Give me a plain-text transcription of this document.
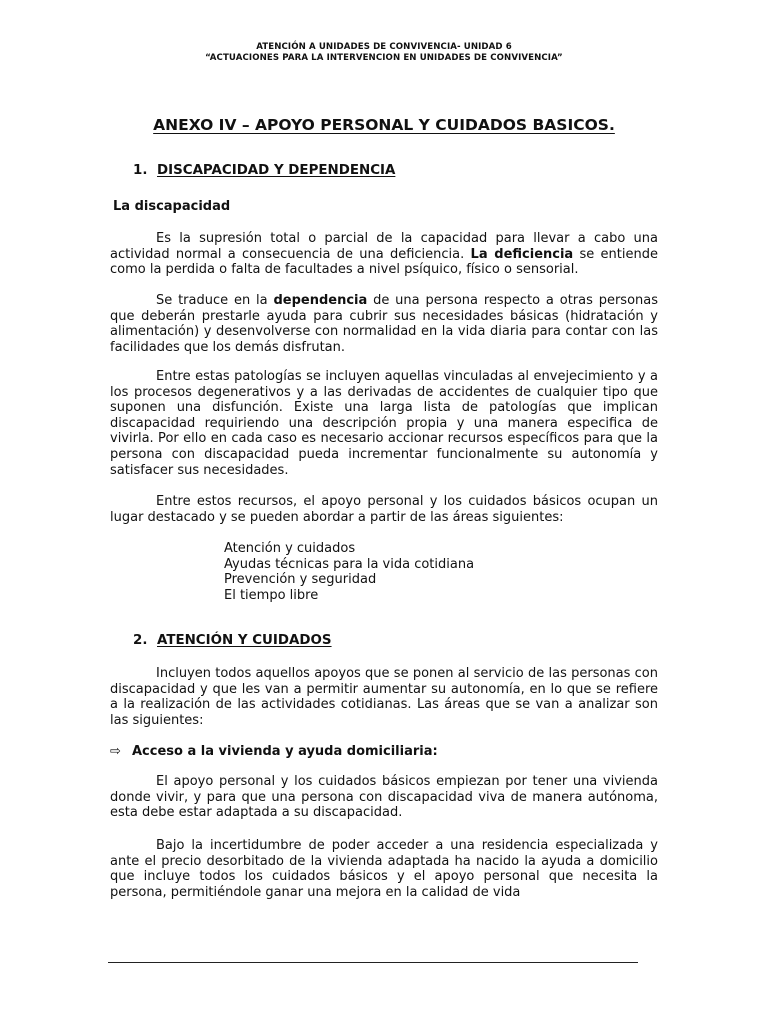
ATENCIÓN A UNIDADES DE CONVIVENCIA- UNIDAD 6
“ACTUACIONES PARA LA INTERVENCION EN UNIDADES DE CONVIVENCIA”
ANEXO IV – APOYO PERSONAL Y CUIDADOS BASICOS.
1. DISCAPACIDAD Y DEPENDENCIA
La discapacidad

Es la supresión total o parcial de la capacidad para llevar a cabo una actividad normal a consecuencia de una deficiencia. La deficiencia se entiende como la perdida o falta de facultades a nivel psíquico, físico o sensorial.

Se traduce en la dependencia de una persona respecto a otras personas que deberán prestarle ayuda para cubrir sus necesidades básicas (hidratación y alimentación) y desenvolverse con normalidad en la vida diaria para contar con las facilidades que los demás disfrutan.

Entre estas patologías se incluyen aquellas vinculadas al envejecimiento y a los procesos degenerativos y a las derivadas de accidentes de cualquier tipo que suponen una disfunción. Existe una larga lista de patologías que implican discapacidad requiriendo una descripción propia y una manera especifica de vivirla. Por ello en cada caso es necesario accionar recursos específicos para que la persona con discapacidad pueda incrementar funcionalmente su autonomía y satisfacer sus necesidades.

Entre estos recursos, el apoyo personal y los cuidados básicos ocupan un lugar destacado y se pueden abordar a partir de las áreas siguientes:

Atención y cuidados
Ayudas técnicas para la vida cotidiana
Prevención y seguridad
El tiempo libre
2. ATENCIÓN Y CUIDADOS

Incluyen todos aquellos apoyos que se ponen al servicio de las personas con discapacidad y que les van a permitir aumentar su autonomía, en lo que se refiere a la realización de las actividades cotidianas. Las áreas que se van a analizar son las siguientes:

⇨ Acceso a la vivienda y ayuda domiciliaria:

El apoyo personal y los cuidados básicos empiezan por tener una vivienda donde vivir, y para que una persona con discapacidad viva de manera autónoma, esta debe estar adaptada a su discapacidad.

Bajo la incertidumbre de poder acceder a una residencia especializada y ante el precio desorbitado de la vivienda adaptada ha nacido la ayuda a domicilio que incluye todos los cuidados básicos y el apoyo personal que necesita la persona, permitiéndole ganar una mejora en la calidad de vida
